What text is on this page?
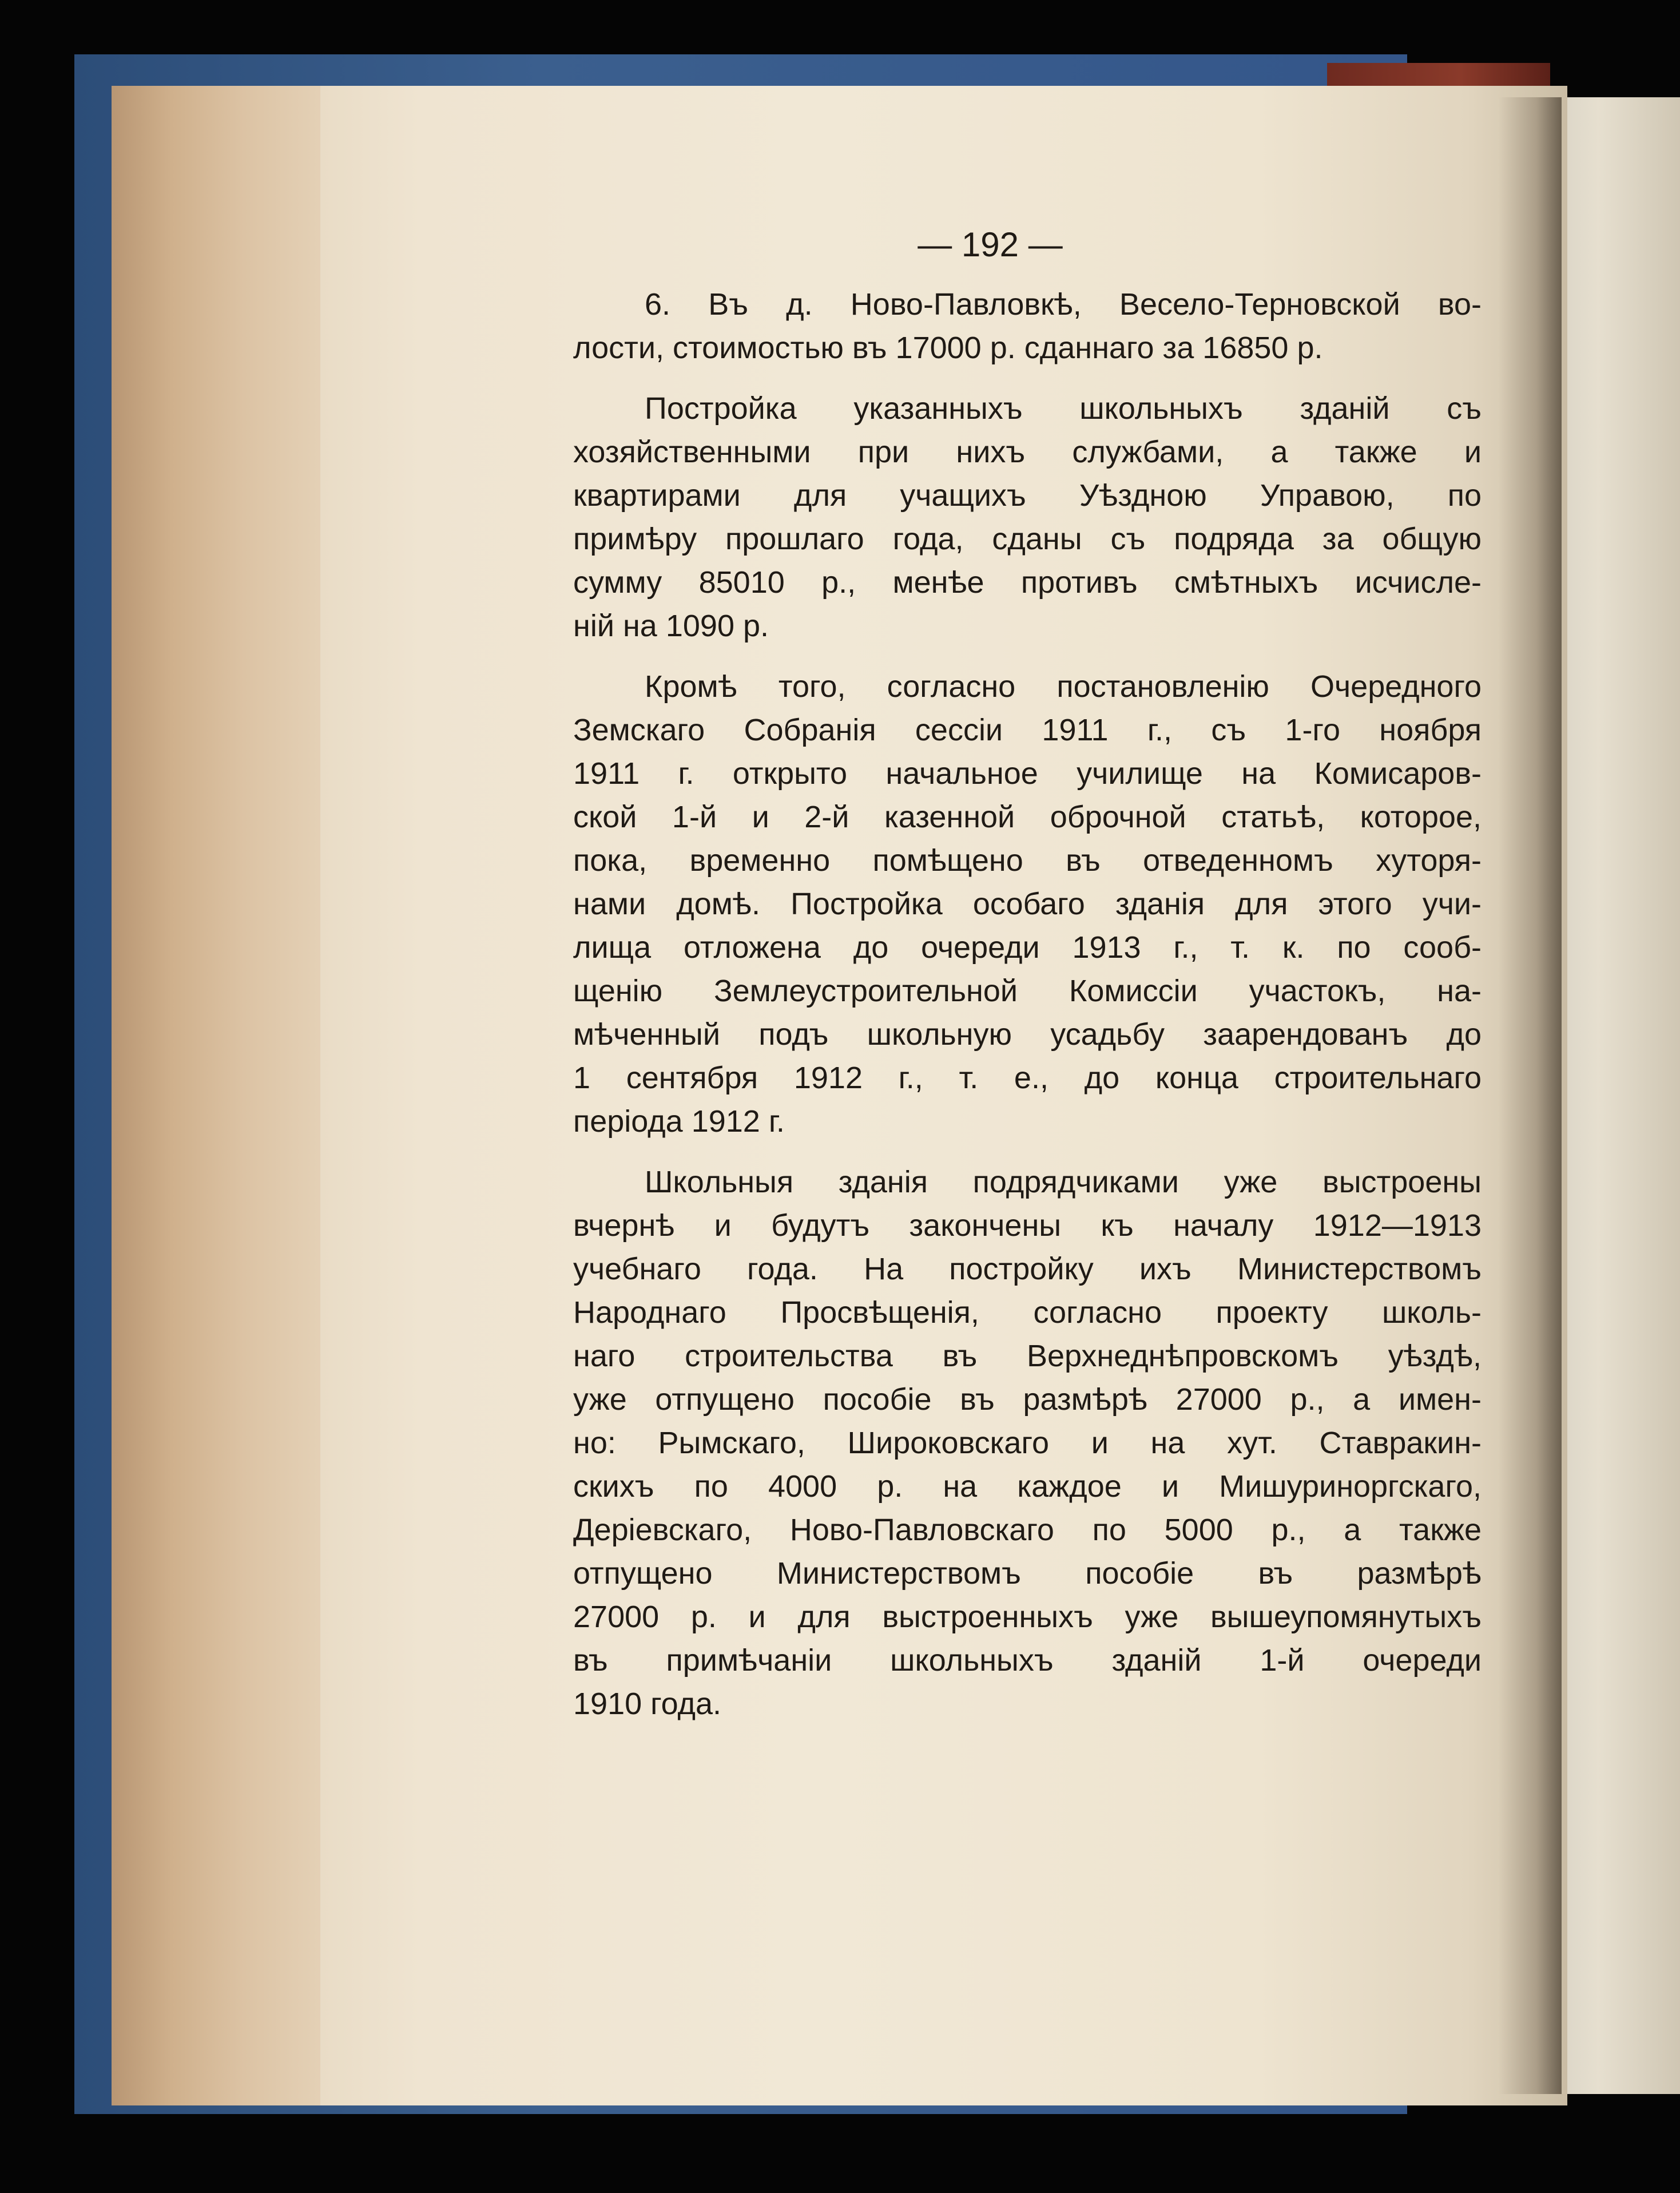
— 192 —
6. Въ д. Ново-Павловкѣ, Весело-Терновской во-
лости, стоимостью въ 17000 р. сданнаго за 16850 р.
Постройка указанныхъ школьныхъ зданій съ
хозяйственными при нихъ службами, а также и
квартирами для учащихъ Уѣздною Управою, по
примѣру прошлаго года, сданы съ подряда за общую
сумму 85010 р., менѣе противъ смѣтныхъ исчисле-
ній на 1090 р.
Кромѣ того, согласно постановленію Очередного
Земскаго Собранія сессіи 1911 г., съ 1-го ноября
1911 г. открыто начальное училище на Комисаров-
ской 1-й и 2-й казенной оброчной статьѣ, которое,
пока, временно помѣщено въ отведенномъ хуторя-
нами домѣ. Постройка особаго зданія для этого учи-
лища отложена до очереди 1913 г., т. к. по сооб-
щенію Землеустроительной Комиссіи участокъ, на-
мѣченный подъ школьную усадьбу заарендованъ до
1 сентября 1912 г., т. е., до конца строительнаго
періода 1912 г.
Школьныя зданія подрядчиками уже выстроены
вчернѣ и будутъ закончены къ началу 1912—1913
учебнаго года. На постройку ихъ Министерствомъ
Народнаго Просвѣщенія, согласно проекту школь-
наго строительства въ Верхнеднѣпровскомъ уѣздѣ,
уже отпущено пособіе въ размѣрѣ 27000 р., а имен-
но: Рымскаго, Широковскаго и на хут. Ставракин-
скихъ по 4000 р. на каждое и Мишуриноргскаго,
Деріевскаго, Ново-Павловскаго по 5000 р., а также
отпущено Министерствомъ пособіе въ размѣрѣ
27000 р. и для выстроенныхъ уже вышеупомянутыхъ
въ примѣчаніи школьныхъ зданій 1-й очереди
1910 года.
